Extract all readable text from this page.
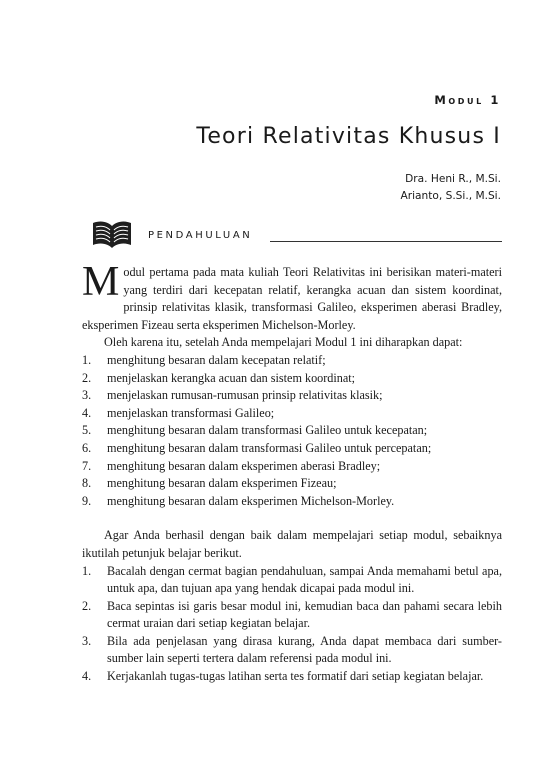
Modul 1
Teori Relativitas Khusus I
Dra. Heni R., M.Si.
Arianto, S.Si., M.Si.
PENDAHULUAN

Modul pertama pada mata kuliah Teori Relativitas ini berisikan materi-materi yang terdiri dari kecepatan relatif, kerangka acuan dan sistem koordinat, prinsip relativitas klasik, transformasi Galileo, eksperimen aberasi Bradley, eksperimen Fizeau serta eksperimen Michelson-Morley.

Oleh karena itu, setelah Anda mempelajari Modul 1 ini diharapkan dapat:

1. menghitung besaran dalam kecepatan relatif;
2. menjelaskan kerangka acuan dan sistem koordinat;
3. menjelaskan rumusan-rumusan prinsip relativitas klasik;
4. menjelaskan transformasi Galileo;
5. menghitung besaran dalam transformasi Galileo untuk kecepatan;
6. menghitung besaran dalam transformasi Galileo untuk percepatan;
7. menghitung besaran dalam eksperimen aberasi Bradley;
8. menghitung besaran dalam eksperimen Fizeau;
9. menghitung besaran dalam eksperimen Michelson-Morley.

Agar Anda berhasil dengan baik dalam mempelajari setiap modul, sebaiknya ikutilah petunjuk belajar berikut.

1. Bacalah dengan cermat bagian pendahuluan, sampai Anda memahami betul apa, untuk apa, dan tujuan apa yang hendak dicapai pada modul ini.
2. Baca sepintas isi garis besar modul ini, kemudian baca dan pahami secara lebih cermat uraian dari setiap kegiatan belajar.
3. Bila ada penjelasan yang dirasa kurang, Anda dapat membaca dari sumber-sumber lain seperti tertera dalam referensi pada modul ini.
4. Kerjakanlah tugas-tugas latihan serta tes formatif dari setiap kegiatan belajar.
